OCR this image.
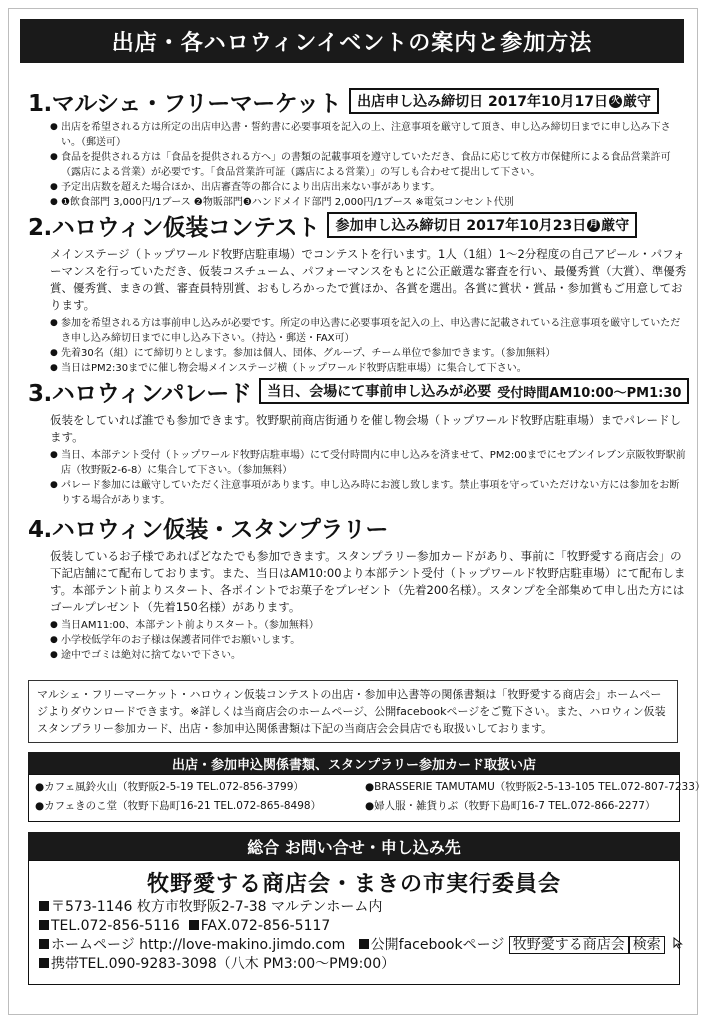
出店・各ハロウィンイベントの案内と参加方法
1.マルシェ・フリーマーケット 出店申し込み締切日 2017年10月17日 火 厳守
● 出店を希望される方は所定の出店申込書・誓約書に必要事項を記入の上、注意事項を厳守して頂き、申し込み締切日までに申し込み下さい。（郵送可）
● 食品を提供される方は「食品を提供される方へ」の書類の記載事項を遵守していただき、食品に応じて枚方市保健所による食品営業許可（露店による営業）が必要です。「食品営業許可証（露店による営業）」の写しも合わせて提出して下さい。
● 予定出店数を超えた場合ほか、出店審査等の都合により出店出来ない事があります。
● ❶飲食部門 3,000円/1ブース ❷物販部門❸ハンドメイド部門 2,000円/1ブース ※電気コンセント代別
2.ハロウィン仮装コンテスト 参加申し込み締切日 2017年10月23日 月 厳守
メインステージ（トップワールド牧野店駐車場）でコンテストを行います。1人（1組）1〜2分程度の自己アピール・パフォーマンスを行っていただき、仮装コスチューム、パフォーマンスをもとに公正厳選な審査を行い、最優秀賞（大賞）、準優秀賞、優秀賞、まきの賞、審査員特別賞、おもしろかったで賞ほか、各賞を選出。各賞に賞状・賞品・参加賞もご用意しております。
● 参加を希望される方は事前申し込みが必要です。所定の申込書に必要事項を記入の上、申込書に記載されている注意事項を厳守していただき申し込み締切日までに申し込み下さい。（持込・郵送・FAX可）
● 先着30名（組）にて締切りとします。参加は個人、団体、グループ、チーム単位で参加できます。（参加無料）
● 当日はPM2:30までに催し物会場メインステージ横（トップワールド牧野店駐車場）に集合して下さい。
3.ハロウィンパレード 当日、会場にて事前申し込みが必要 受付時間AM10:00〜PM1:30
仮装をしていれば誰でも参加できます。牧野駅前商店街通りを催し物会場（トップワールド牧野店駐車場）までパレードします。
● 当日、本部テント受付（トップワールド牧野店駐車場）にて受付時間内に申し込みを済ませて、PM2:00までにセブンイレブン京阪牧野駅前店（牧野阪2-6-8）に集合して下さい。（参加無料）
● パレード参加には厳守していただく注意事項があります。申し込み時にお渡し致します。禁止事項を守っていただけない方には参加をお断りする場合があります。
4.ハロウィン仮装・スタンプラリー
仮装しているお子様であればどなたでも参加できます。スタンプラリー参加カードがあり、事前に「牧野愛する商店会」の下記店舗にて配布しております。また、当日はAM10:00より本部テント受付（トップワールド牧野店駐車場）にて配布します。本部テント前よりスタート、各ポイントでお菓子をプレゼント（先着200名様）。スタンプを全部集めて申し出た方にはゴールプレゼント（先着150名様）があります。
● 当日AM11:00、本部テント前よりスタート。（参加無料）
● 小学校低学年のお子様は保護者同伴でお願いします。
● 途中でゴミは絶対に捨てないで下さい。
マルシェ・フリーマーケット・ハロウィン仮装コンテストの出店・参加申込書等の関係書類は「牧野愛する商店会」ホームページよりダウンロードできます。※詳しくは当商店会のホームページ、公開facebookページをご覧下さい。また、ハロウィン仮装スタンプラリー参加カード、出店・参加申込関係書類は下記の当商店会会員店でも取扱いしております。
出店・参加申込関係書類、スタンプラリー参加カード取扱い店
●カフェ風鈴火山（牧野阪2-5-19 TEL.072-856-3799）	●BRASSERIE TAMUTAMU（牧野阪2-5-13-105 TEL.072-807-7233）
●カフェきのこ堂（牧野下島町16-21 TEL.072-865-8498）	●婦人服・雑貨りぶ（牧野下島町16-7 TEL.072-866-2277）
総合 お問い合せ・申し込み先
牧野愛する商店会・まきの市実行委員会
〒573-1146 枚方市牧野阪2-7-38 マルテンホーム内
TEL.072-856-5116 FAX.072-856-5117
ホームページ http://love-makino.jimdo.com 公開facebookページ 牧野愛する商店会 検索
携帯TEL.090-9283-3098（八木 PM3:00〜PM9:00）
